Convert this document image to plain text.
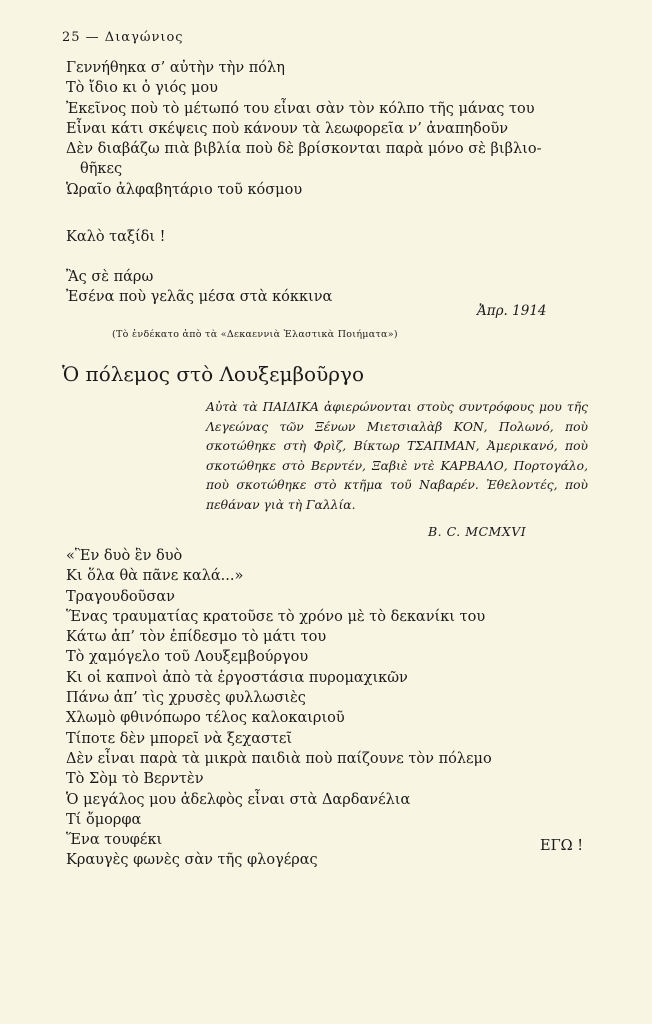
25 — Διαγώνιος
Γεννήθηκα σ’ αὐτὴν τὴν πόλη
Τὸ ἴδιο κι ὁ γιός μου
Ἐκεῖνος ποὺ τὸ μέτωπό του εἶναι σὰν τὸν κόλπο τῆς μάνας του
Εἶναι κάτι σκέψεις ποὺ κάνουν τὰ λεωφορεῖα ν’ ἀναπηδοῦν
Δὲν διαβάζω πιὰ βιβλία ποὺ δὲ βρίσκονται παρὰ μόνο σὲ βιβλιο-
θῆκες
Ὡραῖο ἀλφαβητάριο τοῦ κόσμου
Καλὸ ταξίδι !
Ἂς σὲ πάρω
Ἐσένα ποὺ γελᾶς μέσα στὰ κόκκινα
Ἀπρ. 1914
(Τὸ ἑνδέκατο ἀπὸ τὰ «Δεκαεννιὰ Ἐλαστικὰ Ποιήματα»)
Ὁ πόλεμος στὸ Λουξεμβοῦργο

Αὐτὰ τὰ ΠΑΙΔΙΚΑ ἀφιερώνονται στοὺς συντρόφους μου τῆς Λεγεώνας τῶν Ξένων Μιετσιαλὰβ ΚΟΝ, Πολωνό, ποὺ σκοτώθηκε στὴ Φρὶζ, Βίκτωρ ΤΣΑΠΜΑΝ, Ἀμερικανό, ποὺ σκοτώθηκε στὸ Βερντέν, Ξαβιὲ ντὲ ΚΑΡΒΑΛΟ, Πορτογάλο, ποὺ σκοτώθηκε στὸ κτῆμα τοῦ Ναβαρέν. Ἐθελοντές, ποὺ πεθάναν γιὰ τὴ Γαλλία.

B. C. MCMXVI
«Ἓν δυὸ ἓν δυὸ
Κι ὅλα θὰ πᾶνε καλά...»
Τραγουδοῦσαν
Ἕνας τραυματίας κρατοῦσε τὸ χρόνο μὲ τὸ δεκανίκι του
Κάτω ἀπ’ τὸν ἐπίδεσμο τὸ μάτι του
Τὸ χαμόγελο τοῦ Λουξεμβούργου
Κι οἱ καπνοὶ ἀπὸ τὰ ἐργοστάσια πυρομαχικῶν
Πάνω ἀπ’ τὶς χρυσὲς φυλλωσιὲς
Χλωμὸ φθινόπωρο τέλος καλοκαιριοῦ
Τίποτε δὲν μπορεῖ νὰ ξεχαστεῖ
Δὲν εἶναι παρὰ τὰ μικρὰ παιδιὰ ποὺ παίζουνε τὸν πόλεμο
Τὸ Σὸμ τὸ Βερντὲν
Ὁ μεγάλος μου ἀδελφὸς εἶναι στὰ Δαρδανέλια
Τί ὄμορφα
Ἕνα τουφέκι
Κραυγὲς φωνὲς σὰν τῆς φλογέρας
ΕΓΩ !
